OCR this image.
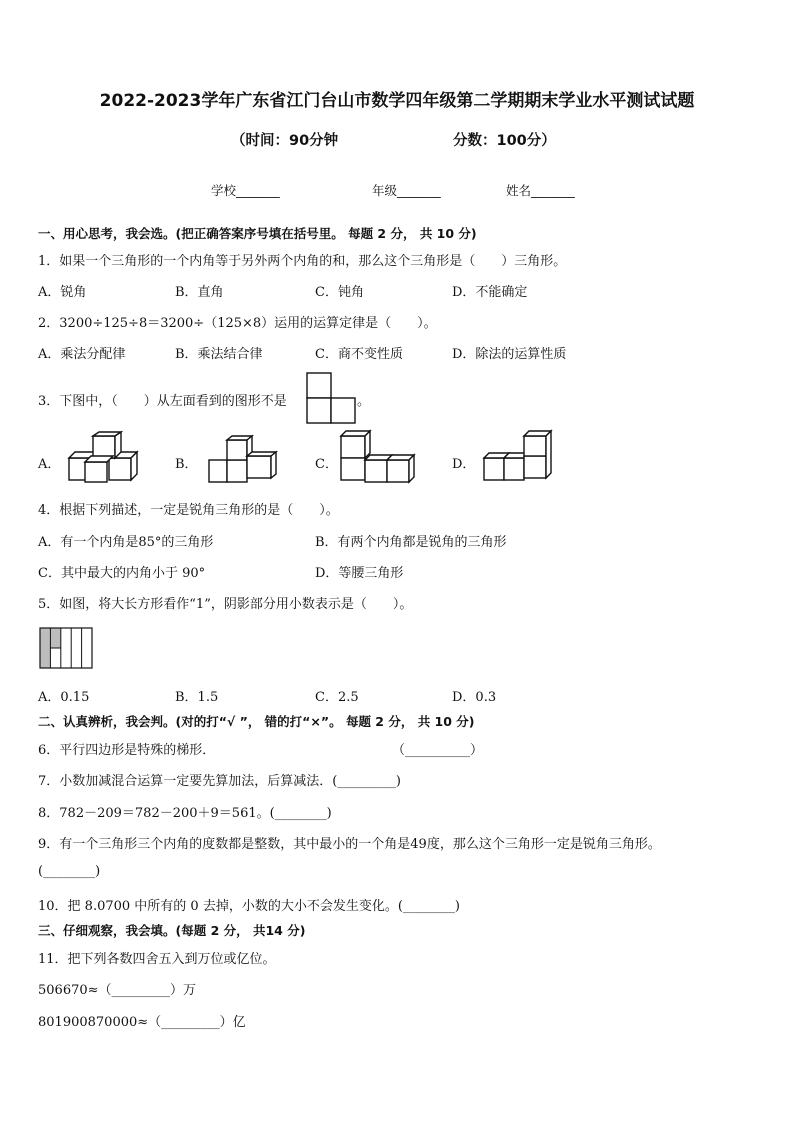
2022-2023学年广东省江门台山市数学四年级第二学期期末学业水平测试试题
（时间：90分钟	分数：100分）
学校_______	年级_______	姓名_______
一、用心思考，我会选。(把正确答案序号填在括号里。 每题 2 分， 共 10 分)
1．如果一个三角形的一个内角等于另外两个内角的和，那么这个三角形是（　　）三角形。
A．锐角	B．直角	C．钝角	D．不能确定
2．3200÷125÷8＝3200÷（125×8）运用的运算定律是（　　）。
A．乘法分配律	B．乘法结合律	C．商不变性质	D．除法的运算性质
3．下图中，（　　）从左面看到的图形不是	。
A．	B．	C．	D．
4．根据下列描述，一定是锐角三角形的是（　　）。
A．有一个内角是85°的三角形	B．有两个内角都是锐角的三角形
C．其中最大的内角小于 90°	D．等腰三角形
5．如图，将大长方形看作“1”，阴影部分用小数表示是（　　）。
A．0.15	B．1.5	C．2.5	D．0.3
二、认真辨析，我会判。(对的打“√ ”， 错的打“×”。 每题 2 分， 共 10 分)
6．平行四边形是特殊的梯形．	（__________）
7．小数加减混合运算一定要先算加法，后算减法．(_________)
8．782－209＝782－200＋9＝561。(________)
9．有一个三角形三个内角的度数都是整数，其中最小的一个角是49度，那么这个三角形一定是锐角三角形。
(________)
10．把 8.0700 中所有的 0 去掉，小数的大小不会发生变化。(________)
三、仔细观察，我会填。(每题 2 分， 共14 分)
11．把下列各数四舍五入到万位或亿位。
506670≈（_________）万
801900870000≈（_________）亿
